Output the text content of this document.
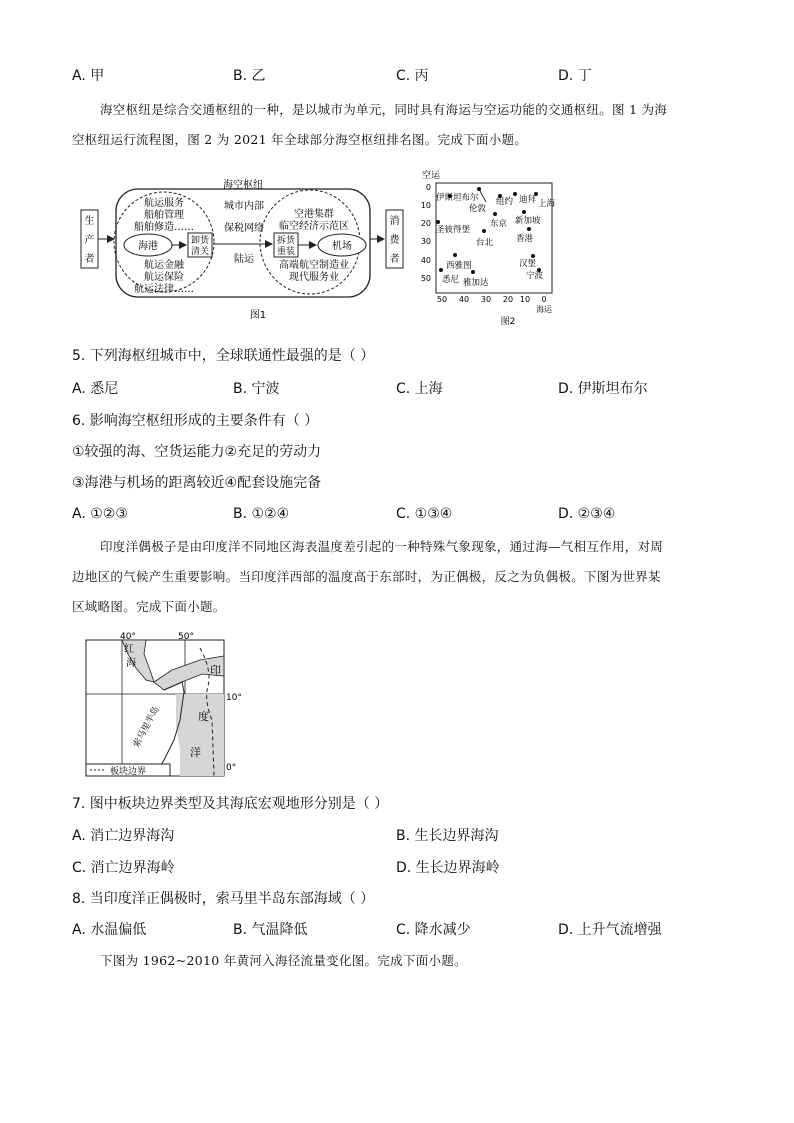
A. 甲	B. 乙	C. 丙	D. 丁
海空枢纽是综合交通枢纽的一种，是以城市为单元，同时具有海运与空运功能的交通枢纽。图 1 为海
空枢纽运行流程图，图 2 为 2021 年全球部分海空枢纽排名图。完成下面小题。
海空枢纽
生
产
者
航运服务
船舶管理
船舶修造……
航运金融
航运保险
航运法律……
海港	卸货
清关
城市内部
保税网络
陆运
空港集群
临空经济示范区
高端航空制造业
现代服务业
拆货
重装	机场
消
费
者
图1
空运
0
10
20
30
40
50
50 40 30 20 10 0
海运
图2
伊斯坦布尔
伦敦
组约 迪拜 上海
新加坡
东京
圣彼得堡
台北	香港
西雅图	汉堡
悉尼 雅加达
宁波
5. 下列海枢纽城市中，全球联通性最强的是（ ）
A. 悉尼	B. 宁波	C. 上海	D. 伊斯坦布尔
6. 影响海空枢纽形成的主要条件有（ ）
①较强的海、空货运能力②充足的劳动力
③海港与机场的距离较近④配套设施完备
A. ①②③	B. ①②④	C. ①③④	D. ②③④
印度洋偶极子是由印度洋不同地区海表温度差引起的一种特殊气象现象，通过海—气相互作用，对周
边地区的气候产生重要影响。当印度洋西部的温度高于东部时，为正偶极，反之为负偶极。下图为世界某
区域略图。完成下面小题。
40°	50°
10°
0°
红
海
印
度
洋
索马里半岛
板块边界
7. 图中板块边界类型及其海底宏观地形分别是（ ）
A. 消亡边界海沟	B. 生长边界海沟
C. 消亡边界海岭	D. 生长边界海岭
8. 当印度洋正偶极时，索马里半岛东部海域（ ）
A. 水温偏低	B. 气温降低	C. 降水减少	D. 上升气流增强
下图为 1962~2010 年黄河入海径流量变化图。完成下面小题。
